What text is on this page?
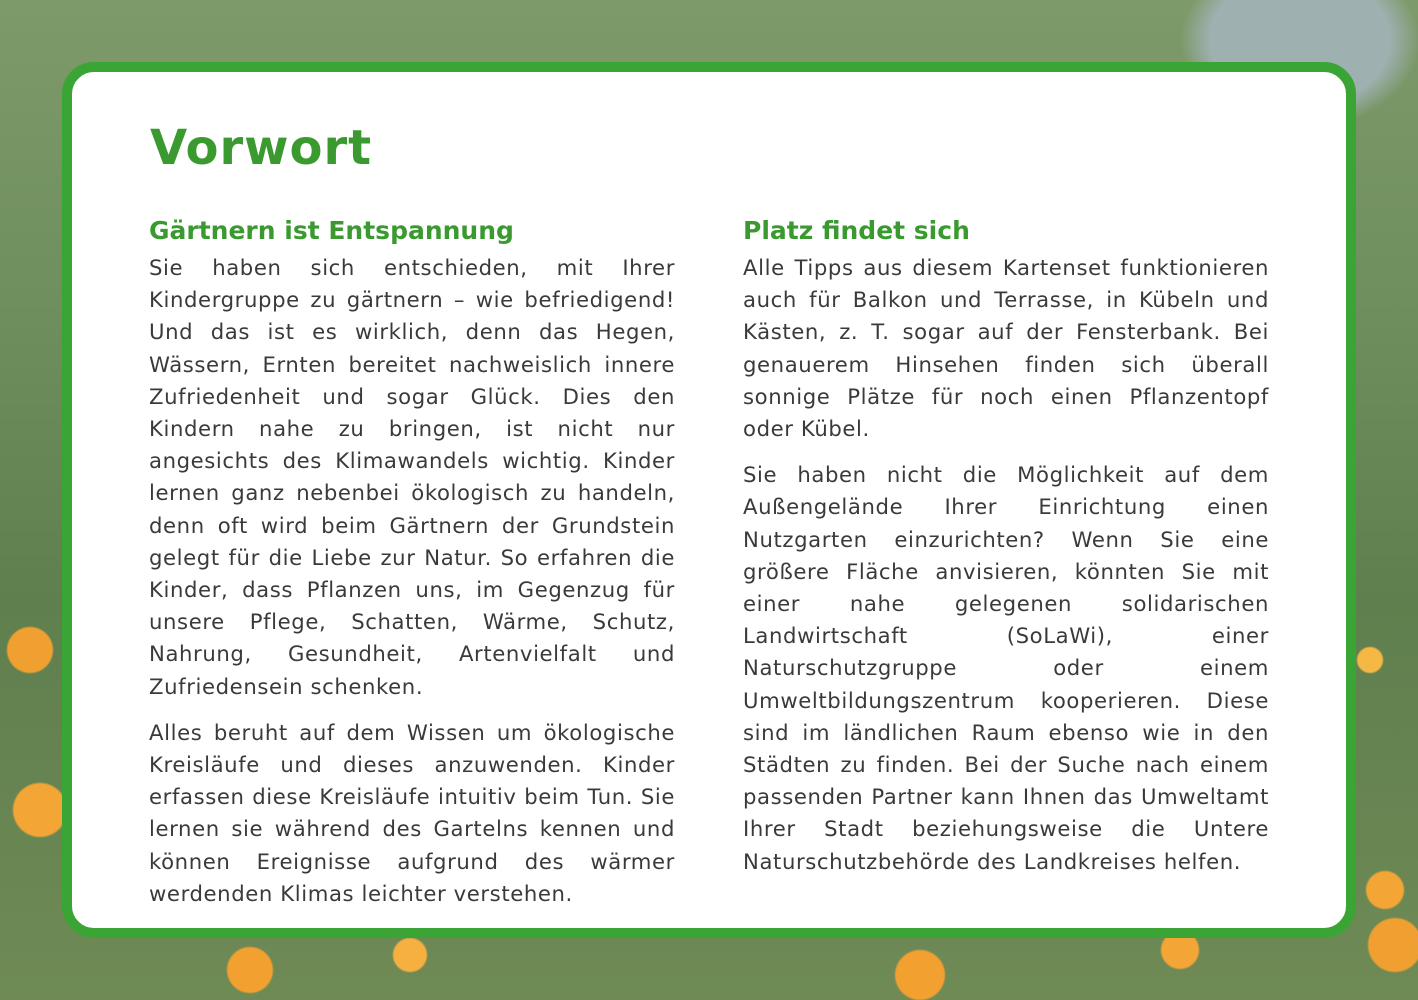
Vorwort
Gärtnern ist Entspannung

Sie haben sich entschieden, mit Ihrer Kindergruppe zu gärtnern – wie befriedigend! Und das ist es wirklich, denn das Hegen, Wässern, Ernten bereitet nachweislich innere Zufriedenheit und sogar Glück. Dies den Kindern nahe zu bringen, ist nicht nur angesichts des Klimawandels wichtig. Kinder lernen ganz nebenbei ökologisch zu handeln, denn oft wird beim Gärtnern der Grundstein gelegt für die Liebe zur Natur. So erfahren die Kinder, dass Pflanzen uns, im Gegenzug für unsere Pflege, Schatten, Wärme, Schutz, Nahrung, Gesundheit, Artenvielfalt und Zufriedensein schenken.

Alles beruht auf dem Wissen um ökologische Kreisläufe und dieses anzuwenden. Kinder erfassen diese Kreisläufe intuitiv beim Tun. Sie lernen sie während des Gartelns kennen und können Ereignisse aufgrund des wärmer werdenden Klimas leichter verstehen.

Platz findet sich

Alle Tipps aus diesem Kartenset funktionieren auch für Balkon und Terrasse, in Kübeln und Kästen, z. T. sogar auf der Fensterbank. Bei genauerem Hinsehen finden sich überall sonnige Plätze für noch einen Pflanzentopf oder Kübel.

Sie haben nicht die Möglichkeit auf dem Außengelände Ihrer Einrichtung einen Nutzgarten einzurichten? Wenn Sie eine größere Fläche anvisieren, könnten Sie mit einer nahe gelegenen solidarischen Landwirtschaft (SoLaWi), einer Naturschutzgruppe oder einem Umweltbildungszentrum kooperieren. Diese sind im ländlichen Raum ebenso wie in den Städten zu finden. Bei der Suche nach einem passenden Partner kann Ihnen das Umweltamt Ihrer Stadt beziehungsweise die Untere Naturschutzbehörde des Landkreises helfen.
